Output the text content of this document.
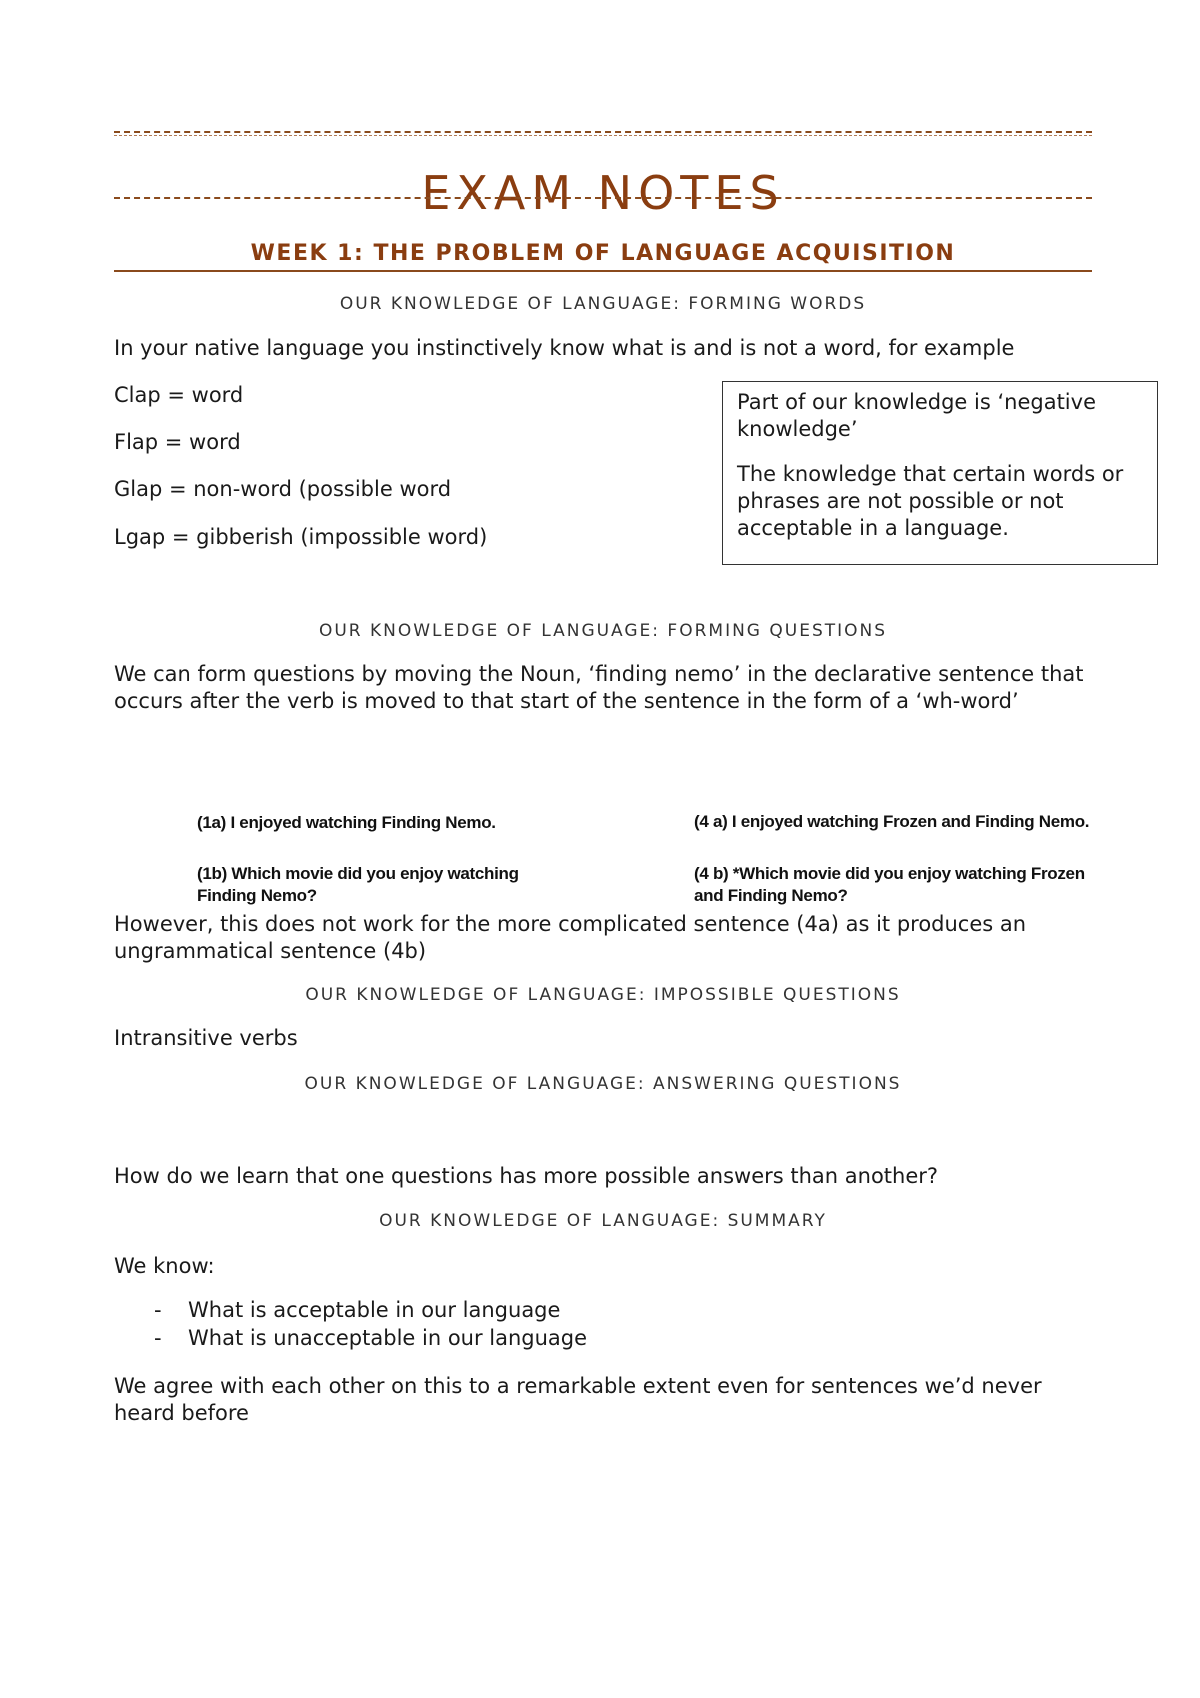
EXAM NOTES
WEEK 1: THE PROBLEM OF LANGUAGE ACQUISITION
OUR KNOWLEDGE OF LANGUAGE: FORMING WORDS
In your native language you instinctively know what is and is not a word, for example
Clap = word
Flap = word
Glap = non-word (possible word
Lgap = gibberish (impossible word)

Part of our knowledge is ‘negative knowledge’

The knowledge that certain words or phrases are not possible or not acceptable in a language.

OUR KNOWLEDGE OF LANGUAGE: FORMING QUESTIONS
We can form questions by moving the Noun, ‘finding nemo’ in the declarative sentence that occurs after the verb is moved to that start of the sentence in the form of a ‘wh-word’
(1a) I enjoyed watching Finding Nemo.	(4 a) I enjoyed watching Frozen and Finding Nemo.
(1b) Which movie did you enjoy watching Finding Nemo?
(4 b) *Which movie did you enjoy watching Frozen and Finding Nemo?
However, this does not work for the more complicated sentence (4a) as it produces an ungrammatical sentence (4b)
OUR KNOWLEDGE OF LANGUAGE: IMPOSSIBLE QUESTIONS
Intransitive verbs
OUR KNOWLEDGE OF LANGUAGE: ANSWERING QUESTIONS
How do we learn that one questions has more possible answers than another?
OUR KNOWLEDGE OF LANGUAGE: SUMMARY
We know:
- What is acceptable in our language
- What is unacceptable in our language
We agree with each other on this to a remarkable extent even for sentences we’d never heard before
